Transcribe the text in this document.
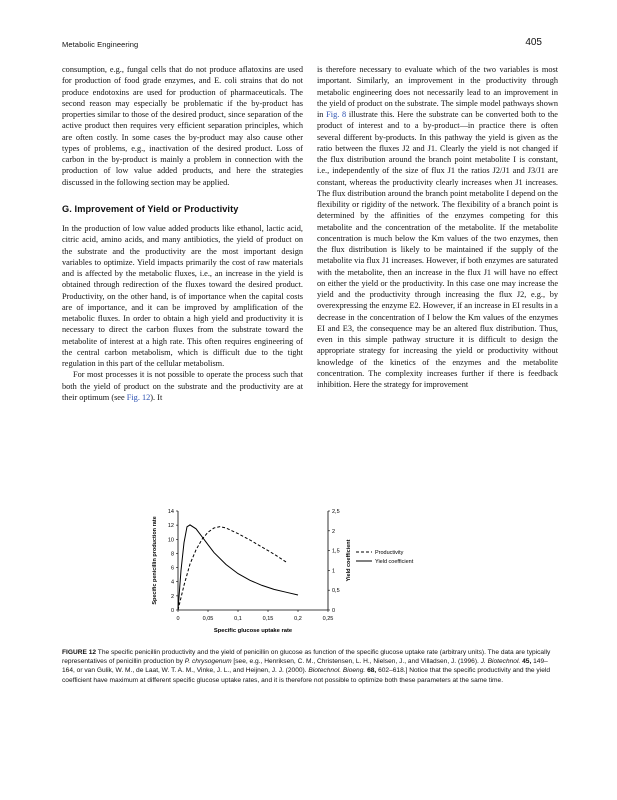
Metabolic Engineering	405

consumption, e.g., fungal cells that do not produce aflatoxins are used for production of food grade enzymes, and E. coli strains that do not produce endotoxins are used for production of pharmaceuticals. The second reason may especially be problematic if the by-product has properties similar to those of the desired product, since separation of the active product then requires very efficient separation principles, which are often costly. In some cases the by-product may also cause other types of problems, e.g., inactivation of the desired product. Loss of carbon in the by-product is mainly a problem in connection with the production of low value added products, and here the strategies discussed in the following section may be applied.

G. Improvement of Yield or Productivity

In the production of low value added products like ethanol, lactic acid, citric acid, amino acids, and many antibiotics, the yield of product on the substrate and the productivity are the most important design variables to optimize. Yield impacts primarily the cost of raw materials and is affected by the metabolic fluxes, i.e., an increase in the yield is obtained through redirection of the fluxes toward the desired product. Productivity, on the other hand, is of importance when the capital costs are of importance, and it can be improved by amplification of the metabolic fluxes. In order to obtain a high yield and productivity it is necessary to direct the carbon fluxes from the substrate toward the metabolite of interest at a high rate. This often requires engineering of the central carbon metabolism, which is difficult due to the tight regulation in this part of the cellular metabolism.

For most processes it is not possible to operate the process such that both the yield of product on the substrate and the productivity are at their optimum (see Fig. 12). It

is therefore necessary to evaluate which of the two variables is most important. Similarly, an improvement in the productivity through metabolic engineering does not necessarily lead to an improvement in the yield of product on the substrate. The simple model pathways shown in Fig. 8 illustrate this. Here the substrate can be converted both to the product of interest and to a by-product—in practice there is often several different by-products. In this pathway the yield is given as the ratio between the fluxes J2 and J1. Clearly the yield is not changed if the flux distribution around the branch point metabolite I is constant, i.e., independently of the size of flux J1 the ratios J2/J1 and J3/J1 are constant, whereas the productivity clearly increases when J1 increases. The flux distribution around the branch point metabolite I depend on the flexibility or rigidity of the network. The flexibility of a branch point is determined by the affinities of the enzymes competing for this metabolite and the concentration of the metabolite. If the metabolite concentration is much below the Km values of the two enzymes, then the flux distribution is likely to be maintained if the supply of the metabolite via flux J1 increases. However, if both enzymes are saturated with the metabolite, then an increase in the flux J1 will have no effect on either the yield or the productivity. In this case one may increase the yield and the productivity through increasing the flux J2, e.g., by overexpressing the enzyme E2. However, if an increase in EI results in a decrease in the concentration of I below the Km values of the enzymes EI and E3, the consequence may be an altered flux distribution. Thus, even in this simple pathway structure it is difficult to design the appropriate strategy for increasing the yield or productivity without knowledge of the kinetics of the enzymes and the metabolite concentration. The complexity increases further if there is feedback inhibition. Here the strategy for improvement

0	0,05	0,1	0,15	0,2	0,25
0
2
4
6
8
10
12
14
0
0,5
1
1,5
2
2,5
Specific glucose uptake rate
Specific penicillin production rate	Yield coefficient	Productivity
Yield coefficient
FIGURE 12 The specific penicillin productivity and the yield of penicillin on glucose as function of the specific glucose uptake rate (arbitrary units). The data are typically representatives of penicillin production by P. chrysogenum [see, e.g., Henriksen, C. M., Christensen, L. H., Nielsen, J., and Villadsen, J. (1996). J. Biotechnol. 45, 149–164, or van Gulik, W. M., de Laat, W. T. A. M., Vinke, J. L., and Heijnen, J. J. (2000). Biotechnol. Bioeng. 68, 602–618.] Notice that the specific productivity and the yield coefficient have maximum at different specific glucose uptake rates, and it is therefore not possible to optimize both these parameters at the same time.
